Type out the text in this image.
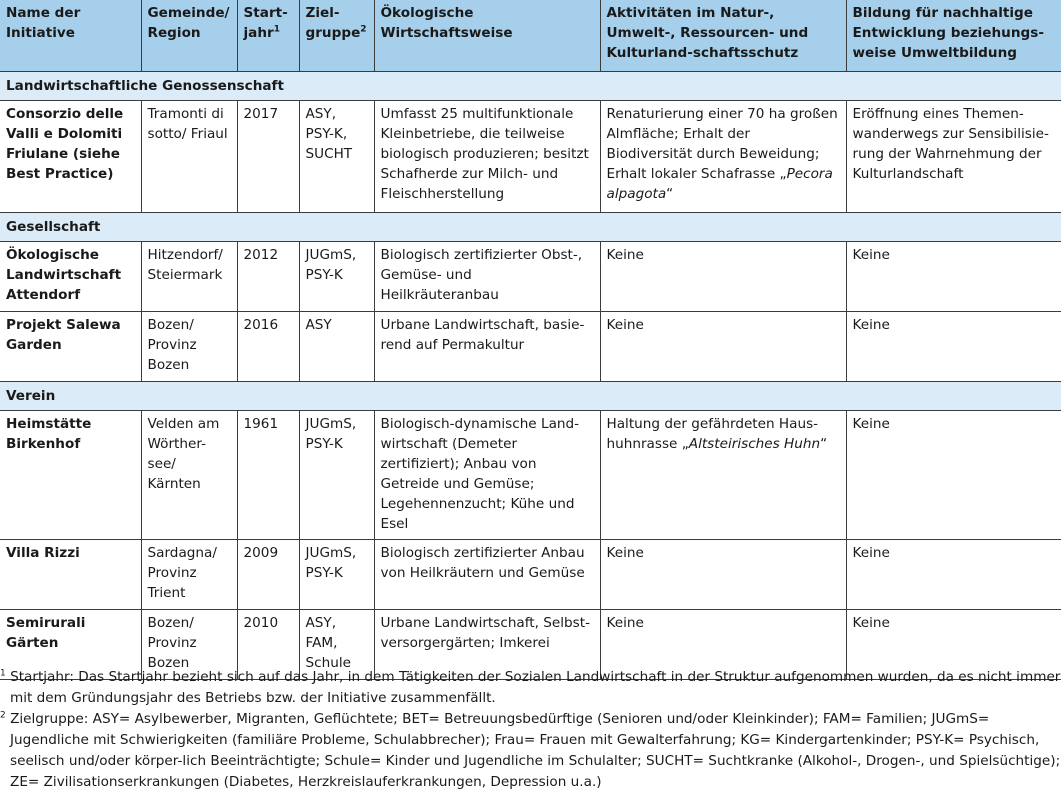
Name der Initiative	Gemeinde/ Region	Start-jahr$^1$	Ziel-gruppe$^2$	Ökologische Wirtschaftsweise	Aktivitäten im Natur-, Umwelt-, Ressourcen- und Kulturland-schaftsschutz	Bildung für nachhaltige Entwicklung beziehungs-weise Umweltbildung
Landwirtschaftliche Genossenschaft						
Consorzio delle Valli e Dolomiti Friulane (siehe Best Practice)	Tramonti di sotto/ Friaul	2017	ASY, PSY-K, SUCHT	Umfasst 25 multifunktionale Kleinbetriebe, die teilweise biologisch produzieren; besitzt Schafherde zur Milch- und Fleischherstellung	Renaturierung einer 70 ha großen Almfläche; Erhalt der Biodiversität durch Beweidung; Erhalt lokaler Schafrasse „Pecora alpagota“	Eröffnung eines Themen-wanderwegs zur Sensibilisie-rung der Wahrnehmung der Kulturlandschaft
Gesellschaft						
Ökologische Landwirtschaft Attendorf	Hitzendorf/ Steiermark	2012	JUGmS, PSY-K	Biologisch zertifizierter Obst-, Gemüse- und Heilkräuteranbau	Keine	Keine
Projekt Salewa Garden	Bozen/ Provinz Bozen	2016	ASY	Urbane Landwirtschaft, basie-rend auf Permakultur	Keine	Keine
Verein						
Heimstätte Birkenhof	Velden am Wörther-see/ Kärnten	1961	JUGmS, PSY-K	Biologisch-dynamische Land-wirtschaft (Demeter zertifiziert); Anbau von Getreide und Gemüse; Legehennenzucht; Kühe und Esel	Haltung der gefährdeten Haus-huhnrasse „Altsteirisches Huhn“	Keine
Villa Rizzi	Sardagna/ Provinz Trient	2009	JUGmS, PSY-K	Biologisch zertifizierter Anbau von Heilkräutern und Gemüse	Keine	Keine
Semirurali Gärten	Bozen/ Provinz Bozen	2010	ASY, FAM, Schule	Urbane Landwirtschaft, Selbst-versorgergärten; Imkerei	Keine	Keine
$^1$ Startjahr: Das Startjahr bezieht sich auf das Jahr, in dem Tätigkeiten der Sozialen Landwirtschaft in der Struktur aufgenommen wurden, da es nicht immer mit dem Gründungsjahr des Betriebs bzw. der Initiative zusammenfällt.
$^2$ Zielgruppe: ASY= Asylbewerber, Migranten, Geflüchtete; BET= Betreuungsbedürftige (Senioren und/oder Kleinkinder); FAM= Familien; JUGmS= Jugendliche mit Schwierigkeiten (familiäre Probleme, Schulabbrecher); Frau= Frauen mit Gewalterfahrung; KG= Kindergartenkinder; PSY-K= Psychisch, seelisch und/oder körper-lich Beeinträchtigte; Schule= Kinder und Jugendliche im Schulalter; SUCHT= Suchtkranke (Alkohol-, Drogen-, und Spielsüchtige); ZE= Zivilisationserkrankungen (Diabetes, Herzkreislauferkrankungen, Depression u.a.)
